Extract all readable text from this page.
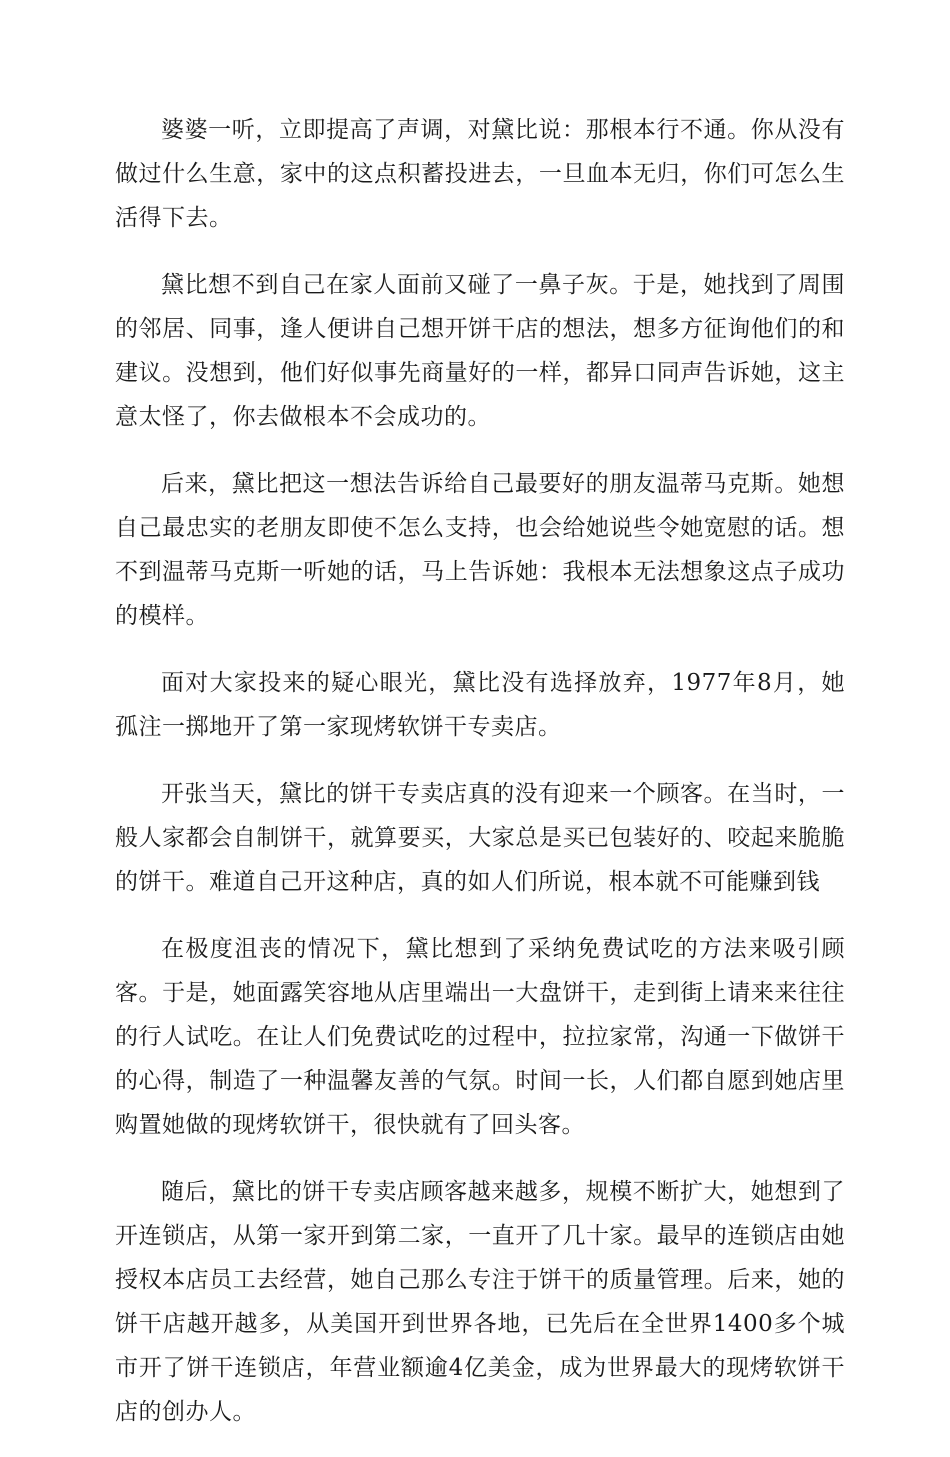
婆婆一听，立即提高了声调，对黛比说：那根本行不通。你从没有做过什么生意，家中的这点积蓄投进去，一旦血本无归，你们可怎么生活得下去。

黛比想不到自己在家人面前又碰了一鼻子灰。于是，她找到了周围的邻居、同事，逢人便讲自己想开饼干店的想法，想多方征询他们的和建议。没想到，他们好似事先商量好的一样，都异口同声告诉她，这主意太怪了，你去做根本不会成功的。

后来，黛比把这一想法告诉给自己最要好的朋友温蒂马克斯。她想自己最忠实的老朋友即使不怎么支持，也会给她说些令她宽慰的话。想不到温蒂马克斯一听她的话，马上告诉她：我根本无法想象这点子成功的模样。

面对大家投来的疑心眼光，黛比没有选择放弃，1977年8月，她孤注一掷地开了第一家现烤软饼干专卖店。

开张当天，黛比的饼干专卖店真的没有迎来一个顾客。在当时，一般人家都会自制饼干，就算要买，大家总是买已包装好的、咬起来脆脆的饼干。难道自己开这种店，真的如人们所说，根本就不可能赚到钱

在极度沮丧的情况下，黛比想到了采纳免费试吃的方法来吸引顾客。于是，她面露笑容地从店里端出一大盘饼干，走到街上请来来往往的行人试吃。在让人们免费试吃的过程中，拉拉家常，沟通一下做饼干的心得，制造了一种温馨友善的气氛。时间一长，人们都自愿到她店里购置她做的现烤软饼干，很快就有了回头客。

随后，黛比的饼干专卖店顾客越来越多，规模不断扩大，她想到了开连锁店，从第一家开到第二家，一直开了几十家。最早的连锁店由她授权本店员工去经营，她自己那么专注于饼干的质量管理。后来，她的饼干店越开越多，从美国开到世界各地，已先后在全世界1400多个城市开了饼干连锁店，年营业额逾4亿美金，成为世界最大的现烤软饼干店的创办人。
